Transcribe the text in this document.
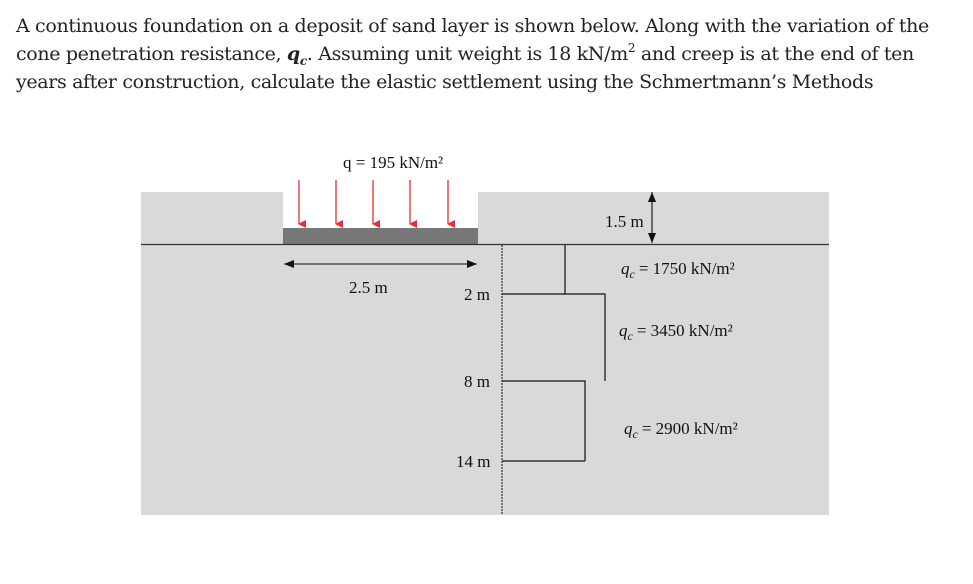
A continuous foundation on a deposit of sand layer is shown below. Along with the variation of the
cone penetration resistance, $q_c$. Assuming unit weight is 18 $kN/m^2$ and creep is at the end of ten
years after construction, calculate the elastic settlement using the Schmertmann’s Methods
q = 195 kN/m²
2.5 m
1.5 m
2 m
8 m
14 m
$q_c = 1750$ kN/m²
$q_c = 3450$ kN/m²
$q_c = 2900$ kN/m²
